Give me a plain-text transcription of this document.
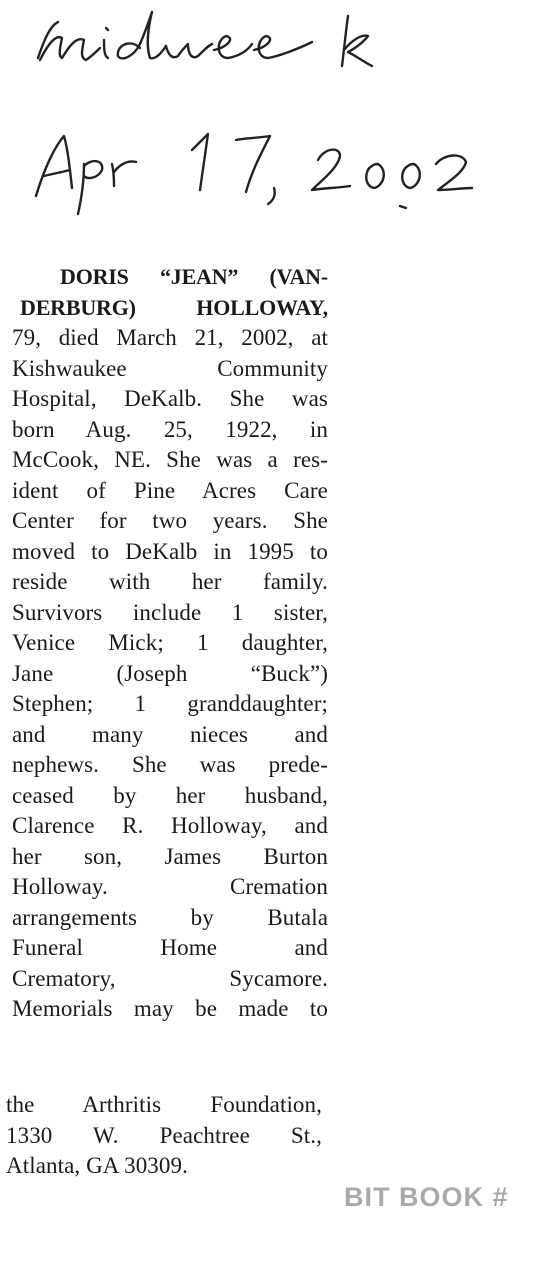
DORIS “JEAN” (VAN-
DERBURG) HOLLOWAY,
79, died March 21, 2002, at
Kishwaukee Community
Hospital, DeKalb. She was
born Aug. 25, 1922, in
McCook, NE. She was a res-
ident of Pine Acres Care
Center for two years. She
moved to DeKalb in 1995 to
reside with her family.
Survivors include 1 sister,
Venice Mick; 1 daughter,
Jane (Joseph “Buck”)
Stephen; 1 granddaughter;
and many nieces and
nephews. She was prede-
ceased by her husband,
Clarence R. Holloway, and
her son, James Burton
Holloway. Cremation
arrangements by Butala
Funeral Home and
Crematory, Sycamore.
Memorials may be made to
the Arthritis Foundation,
1330 W. Peachtree St.,
Atlanta, GA 30309.
BIT BOOK #
